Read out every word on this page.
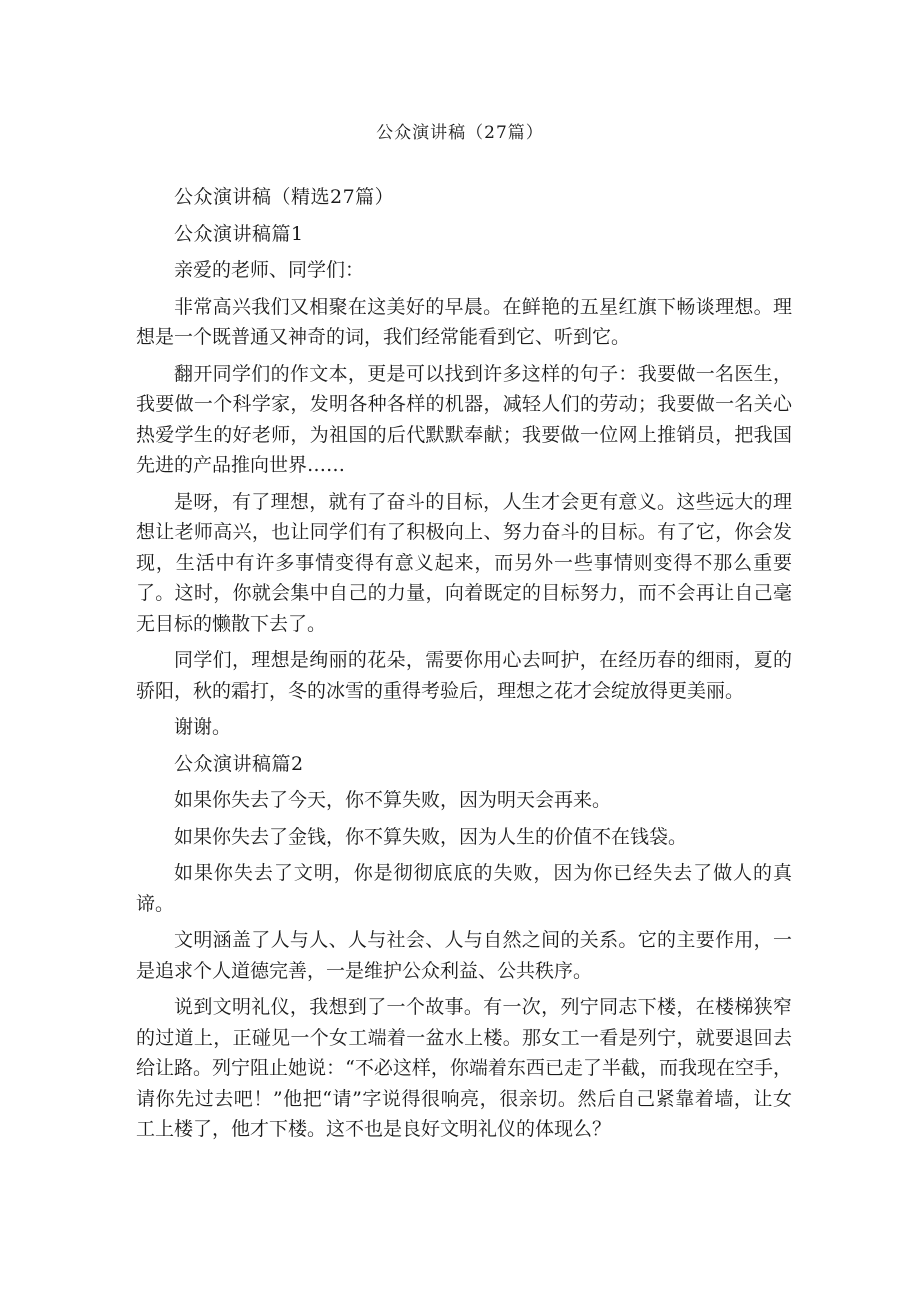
公众演讲稿（27篇）

公众演讲稿（精选27篇）

公众演讲稿篇1

亲爱的老师、同学们：

非常高兴我们又相聚在这美好的早晨。在鲜艳的五星红旗下畅谈理想。理想是一个既普通又神奇的词，我们经常能看到它、听到它。

翻开同学们的作文本，更是可以找到许多这样的句子：我要做一名医生，我要做一个科学家，发明各种各样的机器，减轻人们的劳动；我要做一名关心热爱学生的好老师，为祖国的后代默默奉献；我要做一位网上推销员，把我国先进的产品推向世界……

是呀，有了理想，就有了奋斗的目标，人生才会更有意义。这些远大的理想让老师高兴，也让同学们有了积极向上、努力奋斗的目标。有了它，你会发现，生活中有许多事情变得有意义起来，而另外一些事情则变得不那么重要了。这时，你就会集中自己的力量，向着既定的目标努力，而不会再让自己毫无目标的懒散下去了。

同学们，理想是绚丽的花朵，需要你用心去呵护，在经历春的细雨，夏的骄阳，秋的霜打，冬的冰雪的重得考验后，理想之花才会绽放得更美丽。

谢谢。

公众演讲稿篇2

如果你失去了今天，你不算失败，因为明天会再来。

如果你失去了金钱，你不算失败，因为人生的价值不在钱袋。

如果你失去了文明，你是彻彻底底的失败，因为你已经失去了做人的真谛。

文明涵盖了人与人、人与社会、人与自然之间的关系。它的主要作用，一是追求个人道德完善，一是维护公众利益、公共秩序。

说到文明礼仪，我想到了一个故事。有一次，列宁同志下楼，在楼梯狭窄的过道上，正碰见一个女工端着一盆水上楼。那女工一看是列宁，就要退回去给让路。列宁阻止她说：“不必这样，你端着东西已走了半截，而我现在空手，请你先过去吧！”他把“请”字说得很响亮，很亲切。然后自己紧靠着墙，让女工上楼了，他才下楼。这不也是良好文明礼仪的体现么？
